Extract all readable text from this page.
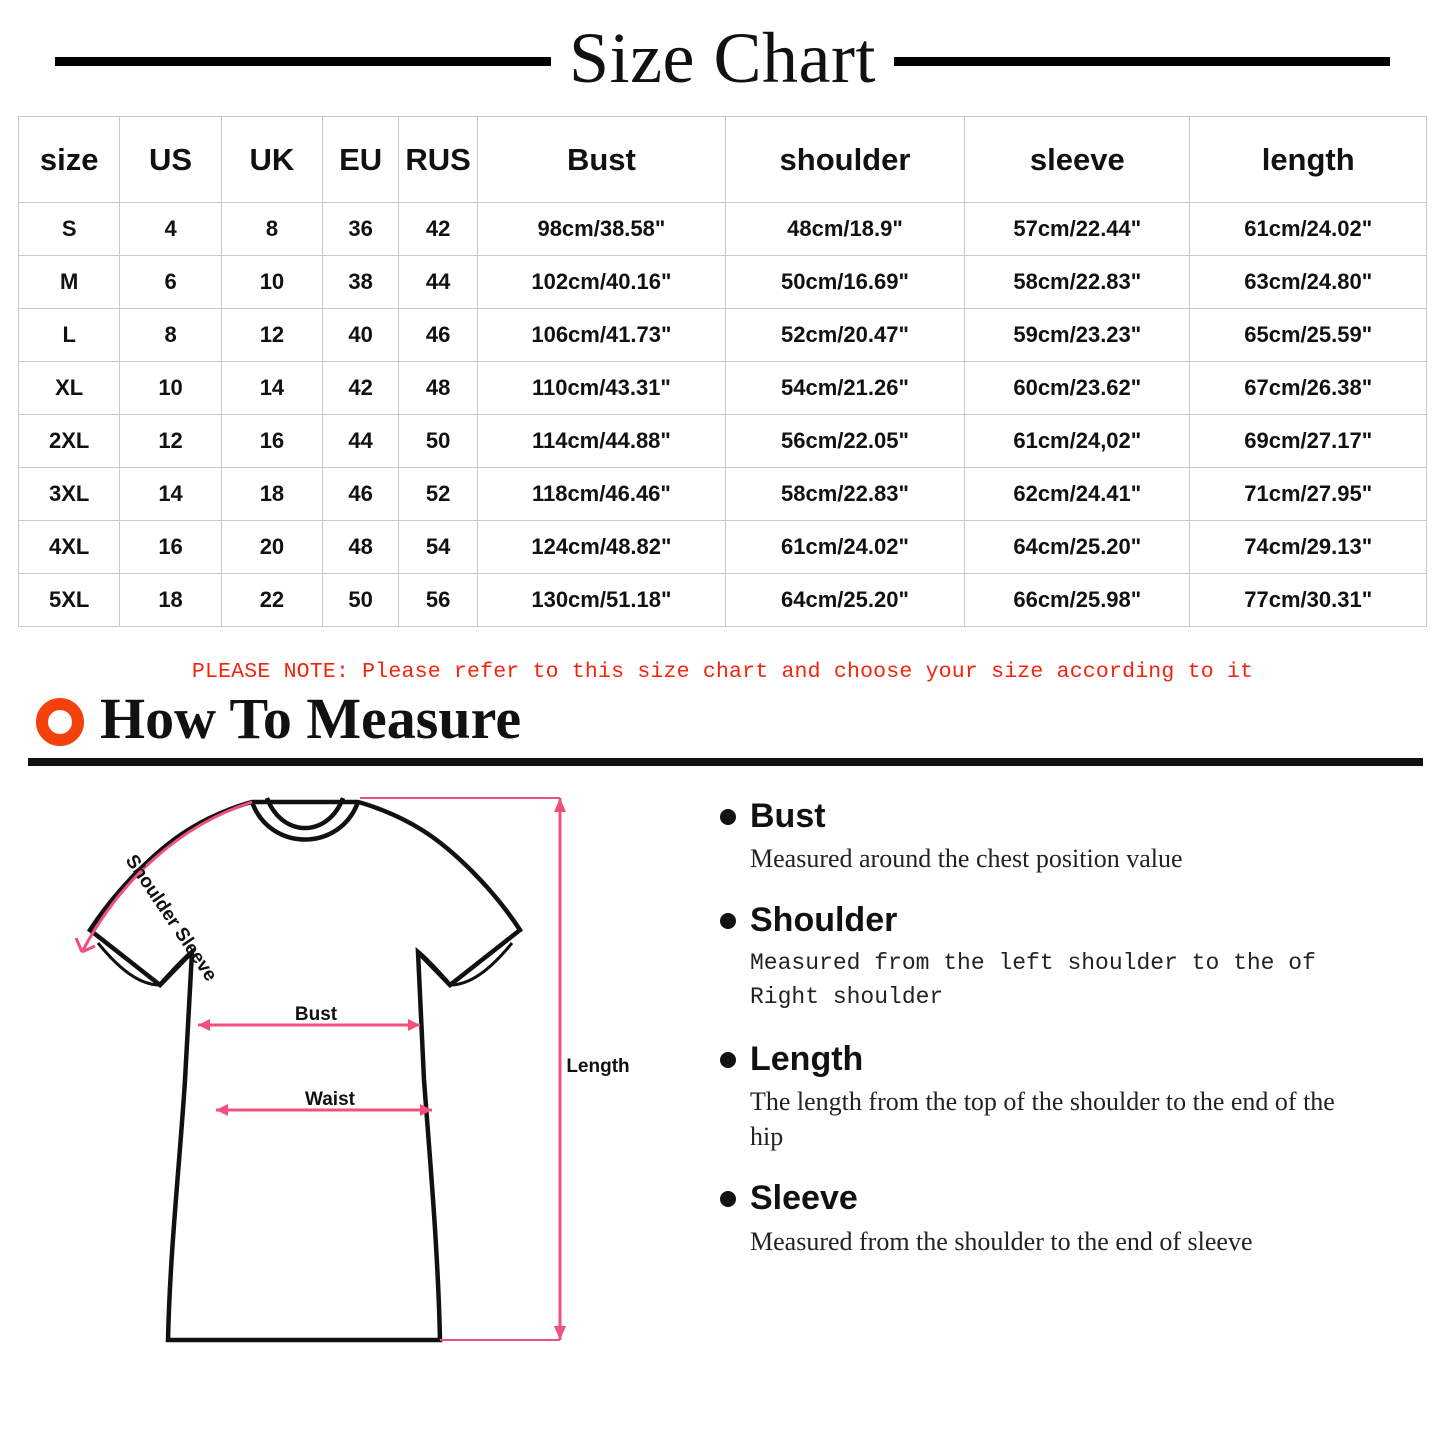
Size Chart
size	US	UK	EU	RUS	Bust	shoulder	sleeve	length
S	4	8	36	42	98cm/38.58"	48cm/18.9"	57cm/22.44"	61cm/24.02"
M	6	10	38	44	102cm/40.16"	50cm/16.69"	58cm/22.83"	63cm/24.80"
L	8	12	40	46	106cm/41.73"	52cm/20.47"	59cm/23.23"	65cm/25.59"
XL	10	14	42	48	110cm/43.31"	54cm/21.26"	60cm/23.62"	67cm/26.38"
2XL	12	16	44	50	114cm/44.88"	56cm/22.05"	61cm/24,02"	69cm/27.17"
3XL	14	18	46	52	118cm/46.46"	58cm/22.83"	62cm/24.41"	71cm/27.95"
4XL	16	20	48	54	124cm/48.82"	61cm/24.02"	64cm/25.20"	74cm/29.13"
5XL	18	22	50	56	130cm/51.18"	64cm/25.20"	66cm/25.98"	77cm/30.31"
PLEASE NOTE: Please refer to this size chart and choose your size according to it
How To Measure
Bust
Waist
Length
Shoulder Sleeve
Bust
Measured around the chest position value
Shoulder
Measured from the left shoulder to the of Right shoulder
Length
The length from the top of the shoulder to the end of the hip
Sleeve
Measured from the shoulder to the end of sleeve
